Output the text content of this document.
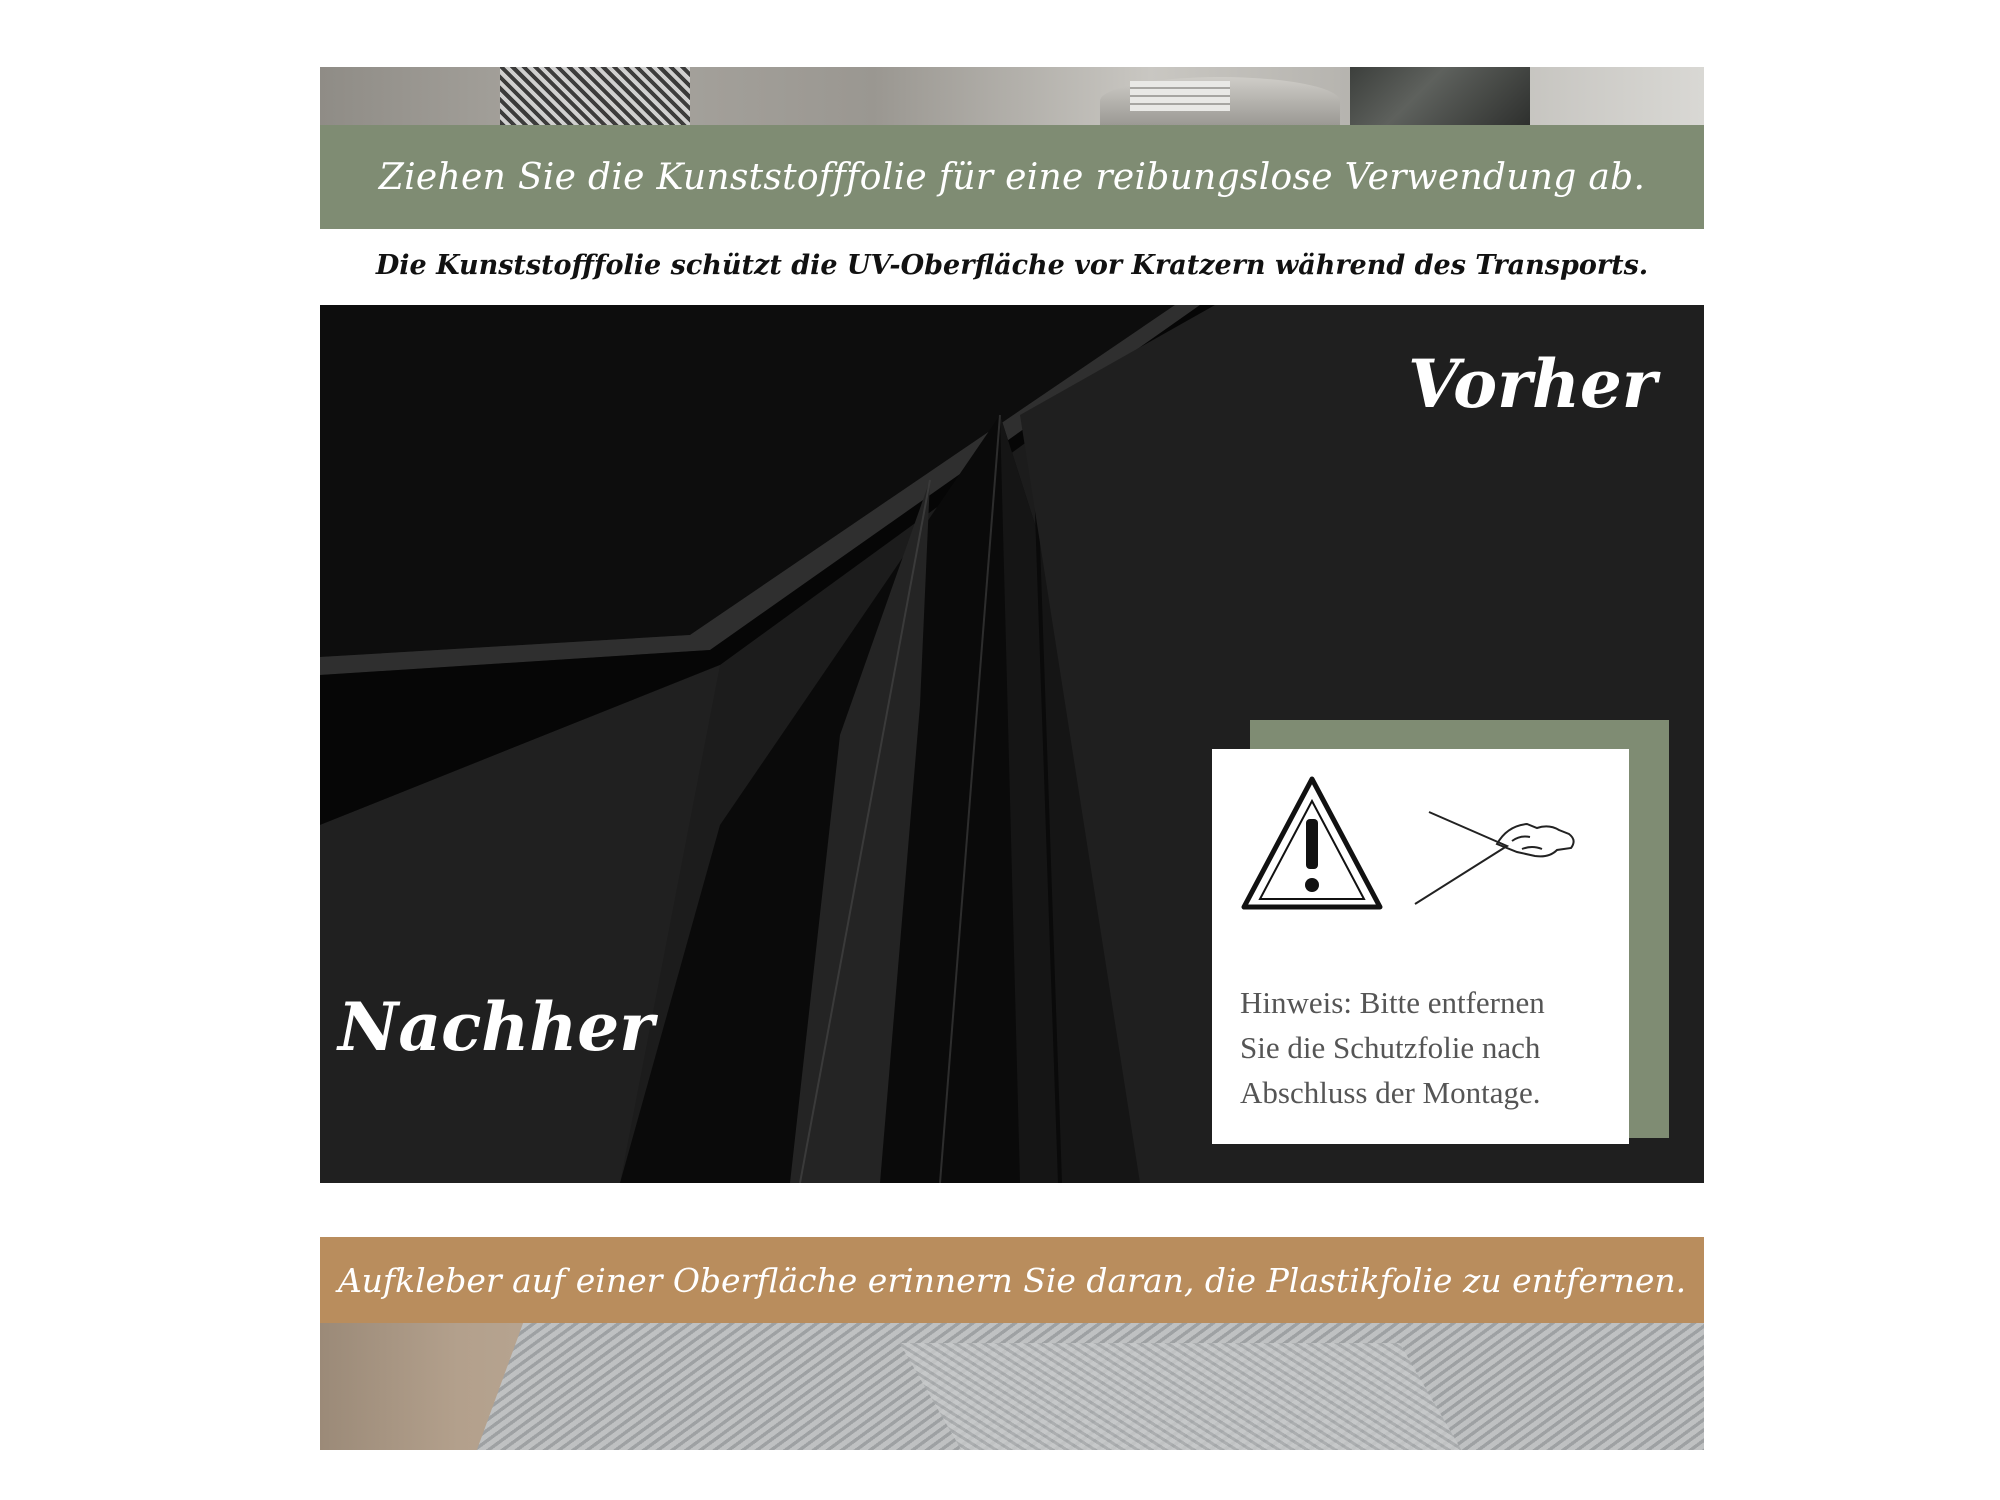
Ziehen Sie die Kunststofffolie für eine reibungslose Verwendung ab.
Die Kunststofffolie schützt die UV-Oberfläche vor Kratzern während des Transports.
Vorher
Nachher	Hinweis: Bitte entfernen
Sie die Schutzfolie nach
Abschluss der Montage.
Aufkleber auf einer Oberfläche erinnern Sie daran, die Plastikfolie zu entfernen.
